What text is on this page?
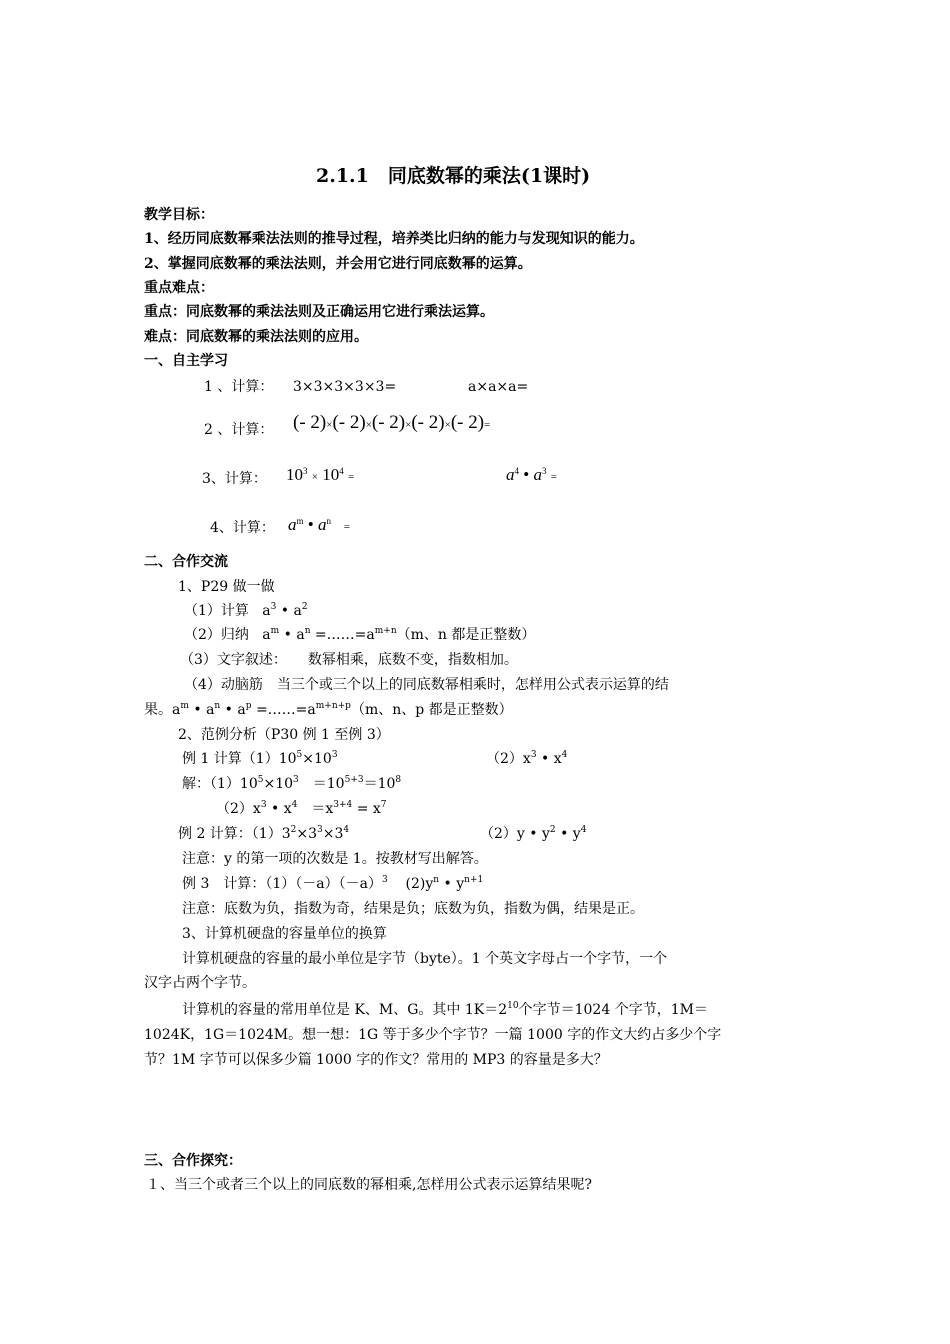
2.1.1　同底数幂的乘法(1课时)
教学目标：
1、经历同底数幂乘法法则的推导过程，培养类比归纳的能力与发现知识的能力。
2、掌握同底数幂的乘法法则，并会用它进行同底数幂的运算。
重点难点：
重点：同底数幂的乘法法则及正确运用它进行乘法运算。
难点：同底数幂的乘法法则的应用。
一、自主学习
1 、计算： 3×3×3×3×3=	a×a×a=
2 、计算： (- 2)×(- 2)×(- 2)×(- 2)×(- 2)=
3、计算： $10^3 \times 10^4$ =	$a^4$ • $a^3$ =
4、计算： $a^m$ • $a^n$ =
二、合作交流
1、P29 做一做
（1）计算   $a^3$ • $a^2$
（2）归纳   $a^m$ • $a^n$ $=\dots\dots=a^{m+n}(m$、n 都是正整数）
（3）文字叙述：　　数幂相乘，底数不变，指数相加。
（4）动脑筋　当三个或三个以上的同底数幂相乘时，怎样用公式表示运算的结
果。$a^m$ • $a^n$ • $a^p$ $=\dots\dots=a^{m+n+p}(m$、n、p 都是正整数）
2、范例分析（P30 例 1 至例 3）
例 1 计算$(1)10^5\times 10^3$	$(2)x^3$ • $x^4$
解：$(1)10^5\times 10^3$　$=10^{5+3}=10^8$
$(2)x^3$ • $x^4$　$=x^{3+4} = x^7$
例 2 计算：$(1)3^2\times 3^3\times 3^4$	（2）y • $y^2$ • $y^4$
注意：y 的第一项的次数是 1。按教材写出解答。
例 3　计算：$(1)(-a)(-a)^3$ $(2)y^n$ • $y^{n+1}$
注意：底数为负，指数为奇，结果是负；底数为负，指数为偶，结果是正。
3、计算机硬盘的容量单位的换算
计算机硬盘的容量的最小单位是字节（byte）。1 个英文字母占一个字节，一个
汉字占两个字节。
计算机的容量的常用单位是 K、M、G。其中 $1K=2^{10}$个字节＝1024 个字节，1M＝
1024K，1G＝1024M。想一想：1G 等于多少个字节？一篇 1000 字的作文大约占多少个字
节？1M 字节可以保多少篇 1000 字的作文？常用的 MP3 的容量是多大？
三、合作探究：
１、当三个或者三个以上的同底数的幂相乘,怎样用公式表示运算结果呢?
